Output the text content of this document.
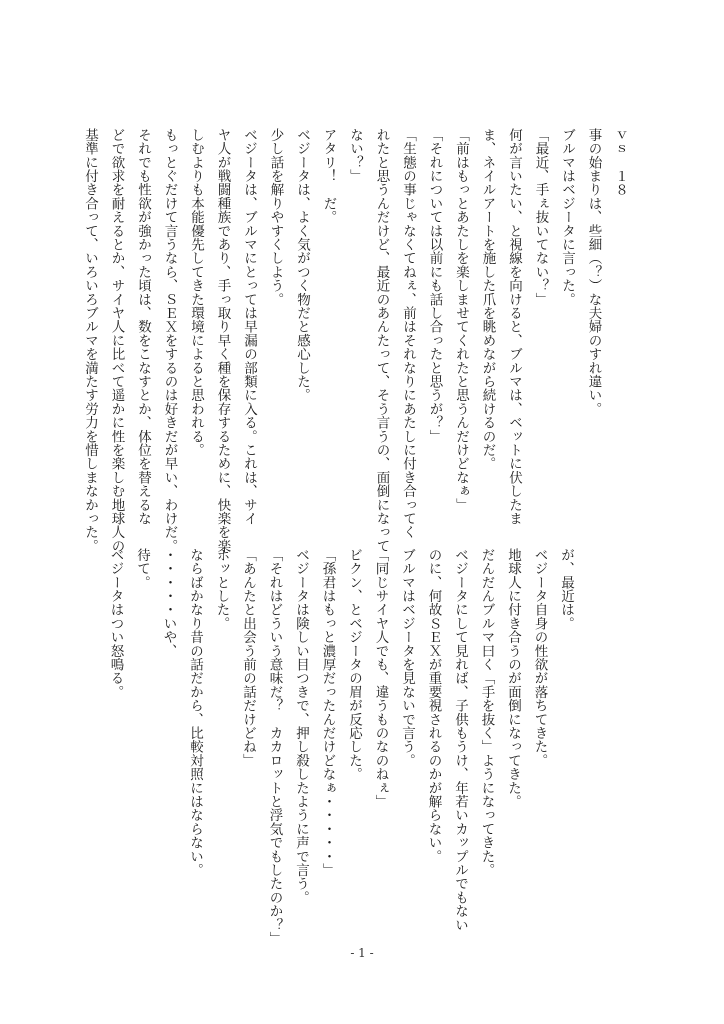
ｖｓ　１８
事の始まりは、些細（？）な夫婦のすれ違い。
ブルマはベジータに言った。
「最近、手ぇ抜いてない？」
何が言いたい、と視線を向けると、ブルマは、ベットに伏したま
ま、ネイルアートを施した爪を眺めながら続けるのだ。
「前はもっとあたしを楽しませてくれたと思うんだけどなぁ」
「それについては以前にも話し合ったと思うが？」
「生態の事じゃなくてねぇ、前はそれなりにあたしに付き合ってく
れたと思うんだけど、最近のあんたって、そう言うの、面倒になって
ない？」
アタリ！　だ。
ベジータは、よく気がつく物だと感心した。
少し話を解りやすくしよう。
ベジータは、ブルマにとっては早漏の部類に入る。これは、サイ
ヤ人が戦闘種族であり、手っ取り早く種を保存するために、快楽を楽
しむよりも本能優先してきた環境によると思われる。
もっとぐだけて言うなら、ＳＥＸをするのは好きだが早い、わけだ。
それでも性欲が強かった頃は、数をこなすとか、体位を替えるな
どで欲求を耐えるとか、サイヤ人に比べて遥かに性を楽しむ地球人の
基準に付き合って、いろいろブルマを満たす労力を惜しまなかった。
が、最近は。
ベジータ自身の性欲が落ちてきた。
地球人に付き合うのが面倒になってきた。
だんだんブルマ曰く「手を抜く」ようになってきた。
ベジータにして見れば、子供もうけ、年若いカップルでもない
のに、何故ＳＥＸが重要視されるのかが解らない。
ブルマはベジータを見ないで言う。
「同じサイヤ人でも、違うものなのねぇ」
ビクン、とベジータの眉が反応した。
「孫君はもっと濃厚だったんだけどなぁ・・・・・」
ベジータは険しい目つきで、押し殺したように声で言う。
「それはどういう意味だ？　カカロットと浮気でもしたのか？」
「あんたと出会う前の話だけどね」
ホッとした。
ならばかなり昔の話だから、比較対照にはならない。
・・・・・いや、
待て。
ベジータはつい怒鳴る。
- 1 -
